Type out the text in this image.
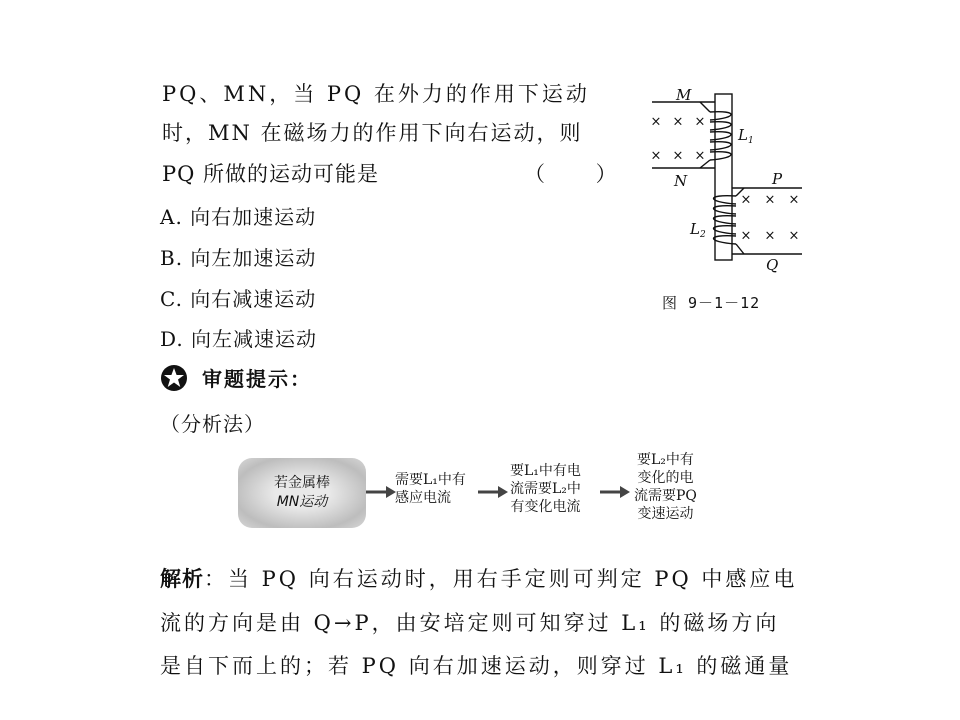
PQ、MN，当 PQ 在外力的作用下运动
时，MN 在磁场力的作用下向右运动，则
PQ 所做的运动可能是	（ ）
A. 向右加速运动
B. 向左加速运动
C. 向右减速运动
D. 向左减速运动
× × ×
× × ×
× × ×
× × ×
M
N
$L_1$
$L_2$
P
Q
图 9－1－12
审题提示：
（分析法）
若金属棒
MN运动
需要L₁中有
感应电流
要L₁中有电
流需要L₂中
有变化电流
要L₂中有
变化的电
流需要PQ
变速运动
解析：当 PQ 向右运动时，用右手定则可判定 PQ 中感应电
流的方向是由 Q→P，由安培定则可知穿过 L₁ 的磁场方向
是自下而上的；若 PQ 向右加速运动，则穿过 L₁ 的磁通量
